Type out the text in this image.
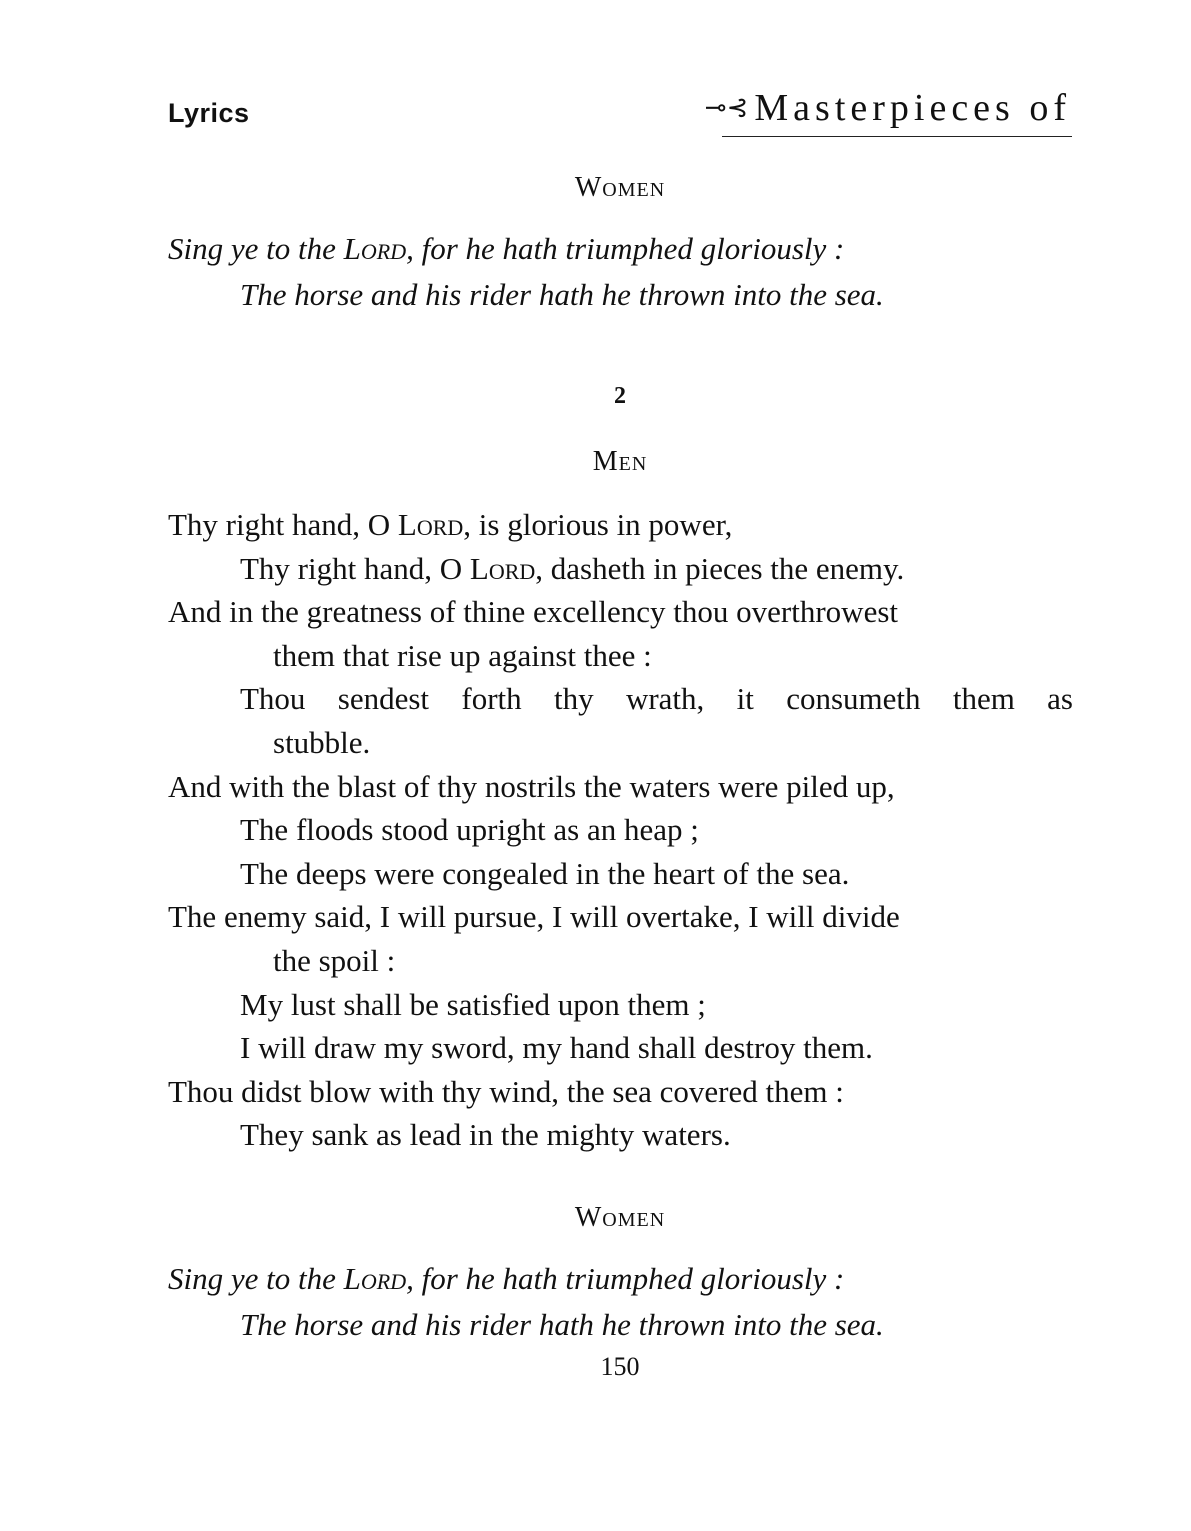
Lyrics	⊸⊰ Masterpieces of
Women
Sing ye to the Lord, for he hath triumphed gloriously :
The horse and his rider hath he thrown into the sea.
2
Men
Thy right hand, O Lord, is glorious in power,
Thy right hand, O Lord, dasheth in pieces the enemy.
And in the greatness of thine excellency thou overthrowest
them that rise up against thee :
Thou sendest forth thy wrath, it consumeth them as
stubble.
And with the blast of thy nostrils the waters were piled up,
The floods stood upright as an heap ;
The deeps were congealed in the heart of the sea.
The enemy said, I will pursue, I will overtake, I will divide
the spoil :
My lust shall be satisfied upon them ;
I will draw my sword, my hand shall destroy them.
Thou didst blow with thy wind, the sea covered them :
They sank as lead in the mighty waters.
Women
Sing ye to the Lord, for he hath triumphed gloriously :
The horse and his rider hath he thrown into the sea.
150
